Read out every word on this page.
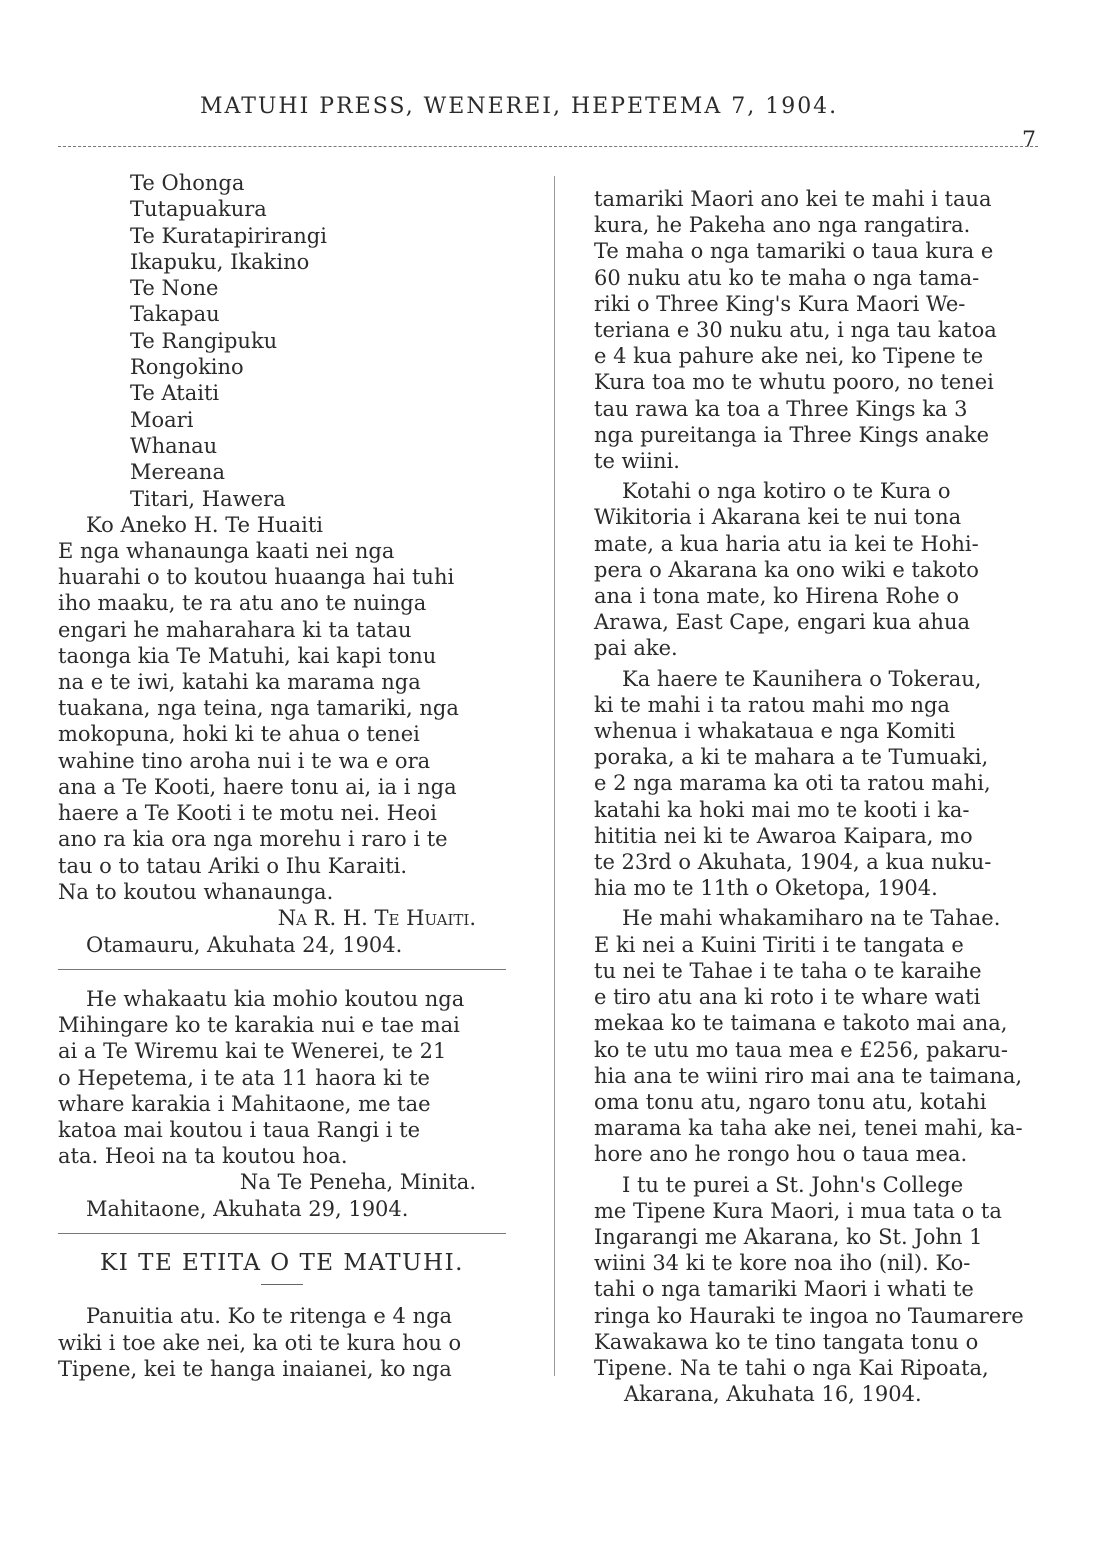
MATUHI PRESS, WENEREI, HEPETEMA 7, 1904.
7
Te Ohonga
Tutapuakura
Te Kuratapirirangi
Ikapuku, Ikakino
Te None
Takapau
Te Rangipuku
Rongokino
Te Ataiti
Moari
Whanau
Mereana
Titari, Hawera
Ko Aneko H. Te Huaiti
E nga whanaunga kaati nei nga
huarahi o to koutou huaanga hai tuhi
iho maaku, te ra atu ano te nuinga
engari he maharahara ki ta tatau
taonga kia Te Matuhi, kai kapi tonu
na e te iwi, katahi ka marama nga
tuakana, nga teina, nga tamariki, nga
mokopuna, hoki ki te ahua o tenei
wahine tino aroha nui i te wa e ora
ana a Te Kooti, haere tonu ai, ia i nga
haere a Te Kooti i te motu nei. Heoi
ano ra kia ora nga morehu i raro i te
tau o to tatau Ariki o Ihu Karaiti.
Na to koutou whanaunga.

Na R. H. Te Huaiti.

Otamauru, Akuhata 24, 1904.

He whakaatu kia mohio koutou nga
Mihingare ko te karakia nui e tae mai
ai a Te Wiremu kai te Wenerei, te 21
o Hepetema, i te ata 11 haora ki te
whare karakia i Mahitaone, me tae
katoa mai koutou i taua Rangi i te
ata. Heoi na ta koutou hoa.

Na Te Peneha, Minita.

Mahitaone, Akuhata 29, 1904.

KI TE ETITA O TE MATUHI.
Panuitia atu. Ko te ritenga e 4 nga
wiki i toe ake nei, ka oti te kura hou o
Tipene, kei te hanga inaianei, ko nga
tamariki Maori ano kei te mahi i taua
kura, he Pakeha ano nga rangatira.
Te maha o nga tamariki o taua kura e
60 nuku atu ko te maha o nga tama-
riki o Three King's Kura Maori We-
teriana e 30 nuku atu, i nga tau katoa
e 4 kua pahure ake nei, ko Tipene te
Kura toa mo te whutu pooro, no tenei
tau rawa ka toa a Three Kings ka 3
nga pureitanga ia Three Kings anake
te wiini.
Kotahi o nga kotiro o te Kura o
Wikitoria i Akarana kei te nui tona
mate, a kua haria atu ia kei te Hohi-
pera o Akarana ka ono wiki e takoto
ana i tona mate, ko Hirena Rohe o
Arawa, East Cape, engari kua ahua
pai ake.
Ka haere te Kaunihera o Tokerau,
ki te mahi i ta ratou mahi mo nga
whenua i whakataua e nga Komiti
poraka, a ki te mahara a te Tumuaki,
e 2 nga marama ka oti ta ratou mahi,
katahi ka hoki mai mo te kooti i ka-
hititia nei ki te Awaroa Kaipara, mo
te 23rd o Akuhata, 1904, a kua nuku-
hia mo te 11th o Oketopa, 1904.
He mahi whakamiharo na te Tahae.
E ki nei a Kuini Tiriti i te tangata e
tu nei te Tahae i te taha o te karaihe
e tiro atu ana ki roto i te whare wati
mekaa ko te taimana e takoto mai ana,
ko te utu mo taua mea e £256, pakaru-
hia ana te wiini riro mai ana te taimana,
oma tonu atu, ngaro tonu atu, kotahi
marama ka taha ake nei, tenei mahi, ka-
hore ano he rongo hou o taua mea.
I tu te purei a St. John's College
me Tipene Kura Maori, i mua tata o ta
Ingarangi me Akarana, ko St. John 1
wiini 34 ki te kore noa iho (nil). Ko-
tahi o nga tamariki Maori i whati te
ringa ko Hauraki te ingoa no Taumarere
Kawakawa ko te tino tangata tonu o
Tipene. Na te tahi o nga Kai Ripoata,

Akarana, Akuhata 16, 1904.
